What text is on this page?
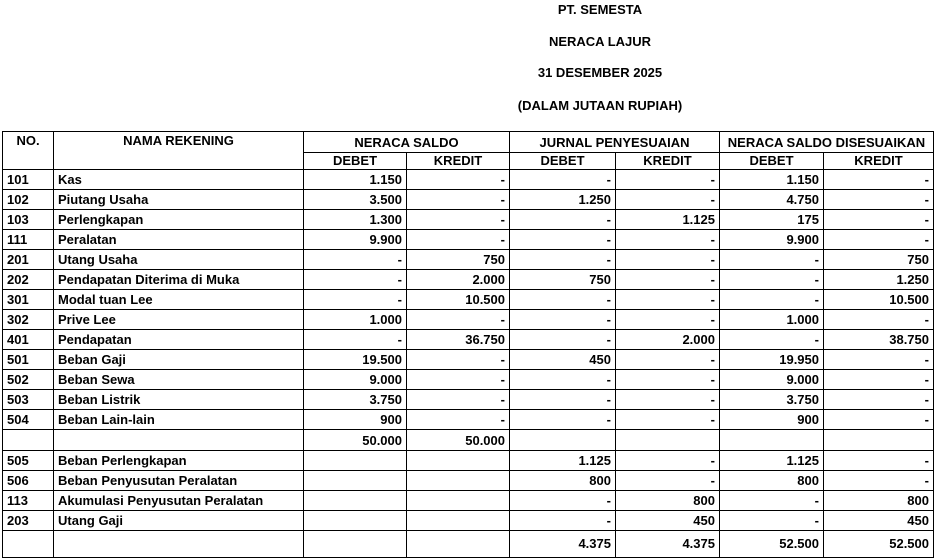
PT. SEMESTA
NERACA LAJUR
31 DESEMBER 2025
(DALAM JUTAAN RUPIAH)
NO.	NAMA REKENING	NERACA SALDO		JURNAL PENYESUAIAN		NERACA SALDO DISESUAIKAN	
		DEBET	KREDIT	DEBET	KREDIT	DEBET	KREDIT
101	Kas	1.150	-	-	-	1.150	-
102	Piutang Usaha	3.500	-	1.250	-	4.750	-
103	Perlengkapan	1.300	-	-	1.125	175	-
111	Peralatan	9.900	-	-	-	9.900	-
201	Utang Usaha	-	750	-	-	-	750
202	Pendapatan Diterima di Muka	-	2.000	750	-	-	1.250
301	Modal tuan Lee	-	10.500	-	-	-	10.500
302	Prive Lee	1.000	-	-	-	1.000	-
401	Pendapatan	-	36.750	-	2.000	-	38.750
501	Beban Gaji	19.500	-	450	-	19.950	-
502	Beban Sewa	9.000	-	-	-	9.000	-
503	Beban Listrik	3.750	-	-	-	3.750	-
504	Beban Lain-lain	900	-	-	-	900	-
		50.000	50.000				
505	Beban Perlengkapan			1.125	-	1.125	-
506	Beban Penyusutan Peralatan			800	-	800	-
113	Akumulasi Penyusutan Peralatan			-	800	-	800
203	Utang Gaji			-	450	-	450
				4.375	4.375	52.500	52.500
